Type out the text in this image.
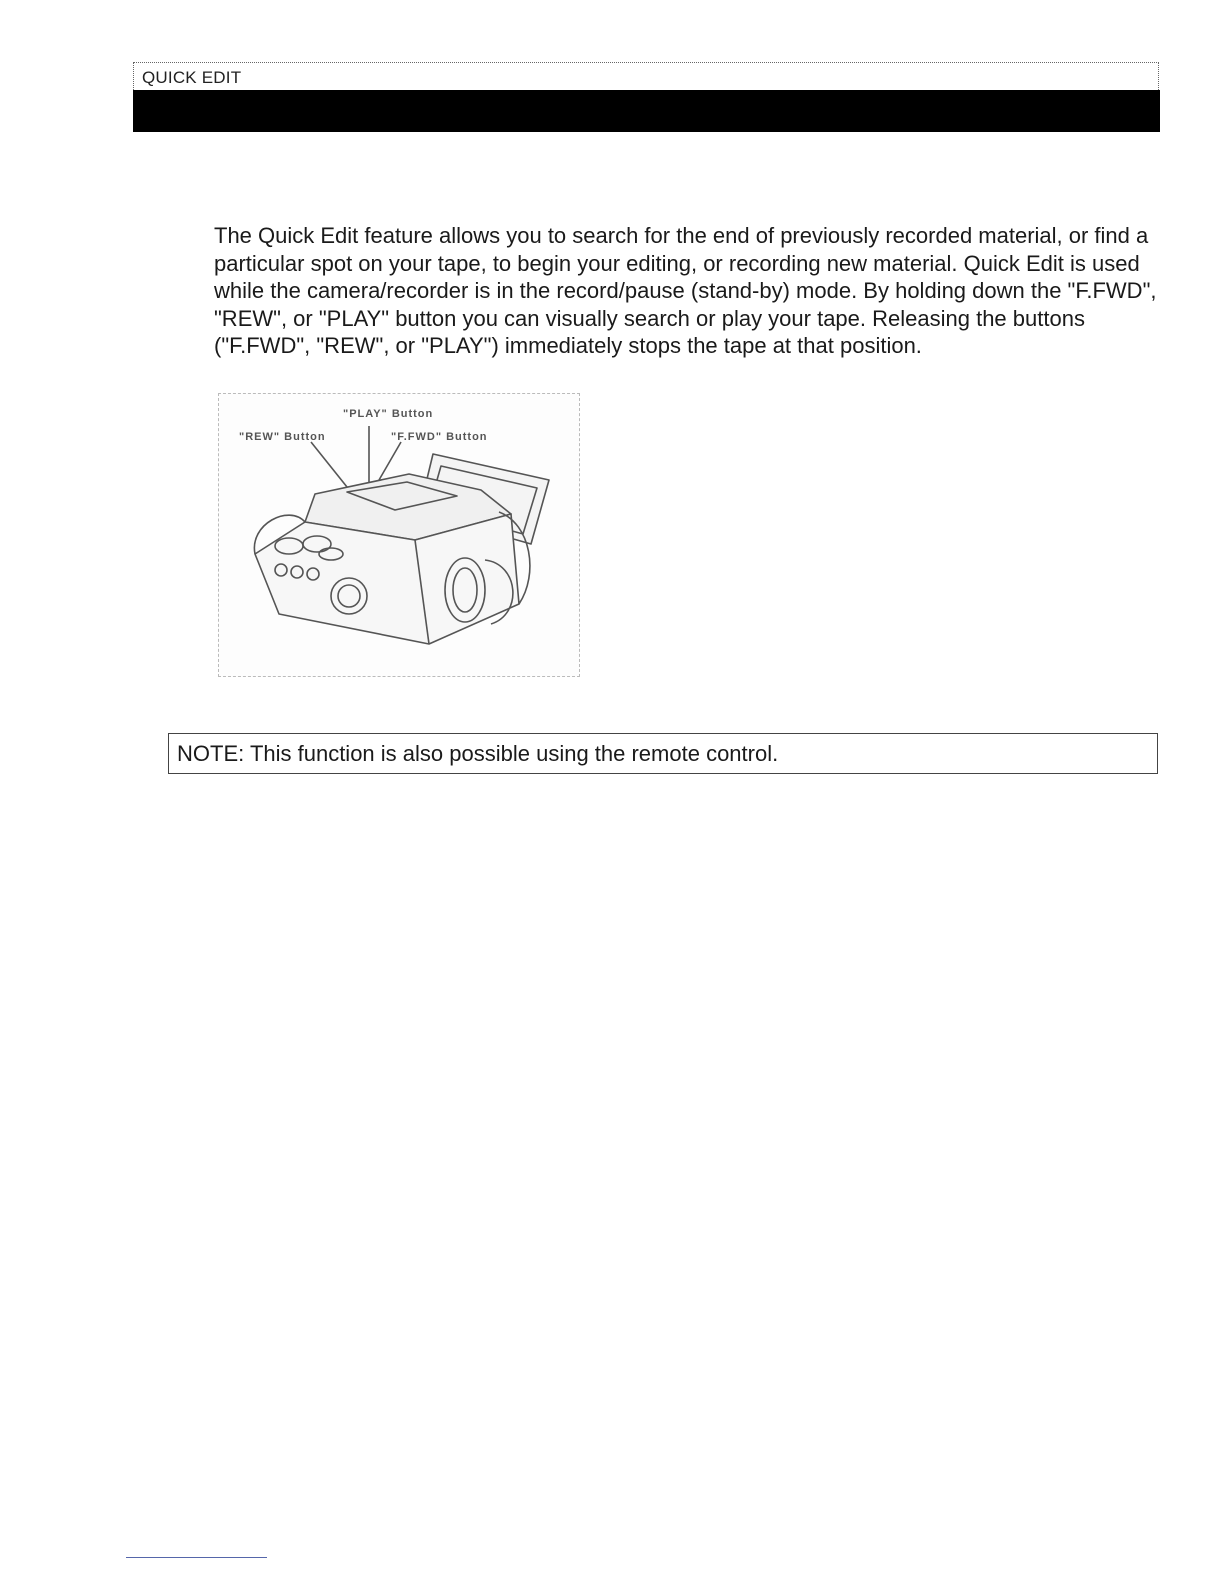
QUICK EDIT

The Quick Edit feature allows you to search for the end of previously recorded material, or find a particular spot on your tape, to begin your editing, or recording new material. Quick Edit is used while the camera/recorder is in the record/pause (stand-by) mode. By holding down the "F.FWD", "REW", or "PLAY" button you can visually search or play your tape. Releasing the buttons ("F.FWD", "REW", or "PLAY") immediately stops the tape at that position.

"PLAY" Button
"REW" Button	"F.FWD" Button
NOTE: This function is also possible using the remote control.
